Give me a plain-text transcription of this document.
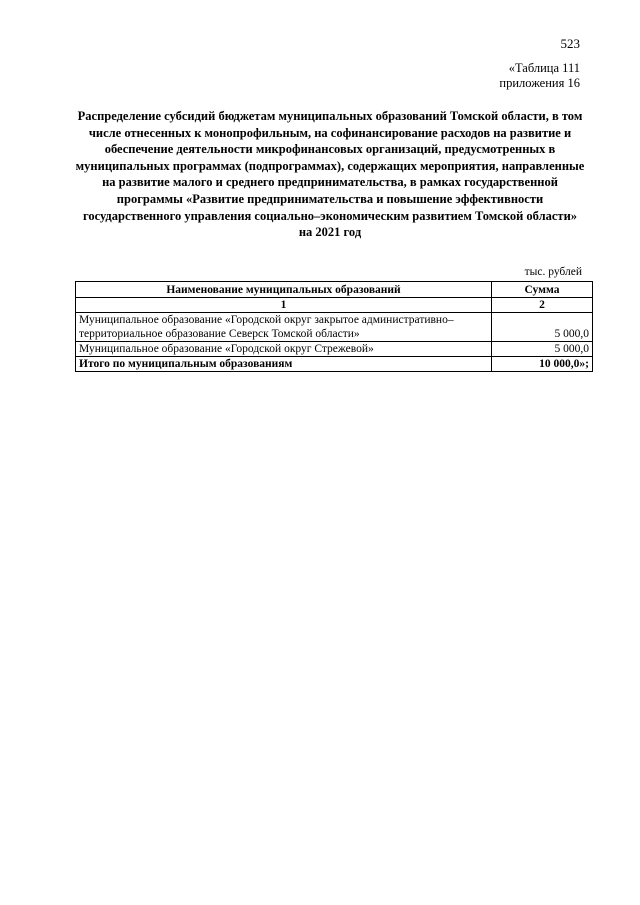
523
«Таблица 111
приложения 16
Распределение субсидий бюджетам муниципальных образований Томской области, в том числе отнесенных к монопрофильным, на софинансирование расходов на развитие и обеспечение деятельности микрофинансовых организаций, предусмотренных в муниципальных программах (подпрограммах), содержащих мероприятия, направленные на развитие малого и среднего предпринимательства, в рамках государственной программы «Развитие предпринимательства и повышение эффективности государственного управления социально–экономическим развитием Томской области» на 2021 год
тыс. рублей
Наименование муниципальных образований	Сумма
1	2
Муниципальное образование «Городской округ закрытое административно–территориальное образование Северск Томской области»	5 000,0
Муниципальное образование «Городской округ Стрежевой»	5 000,0
Итого по муниципальным образованиям	10 000,0»;
